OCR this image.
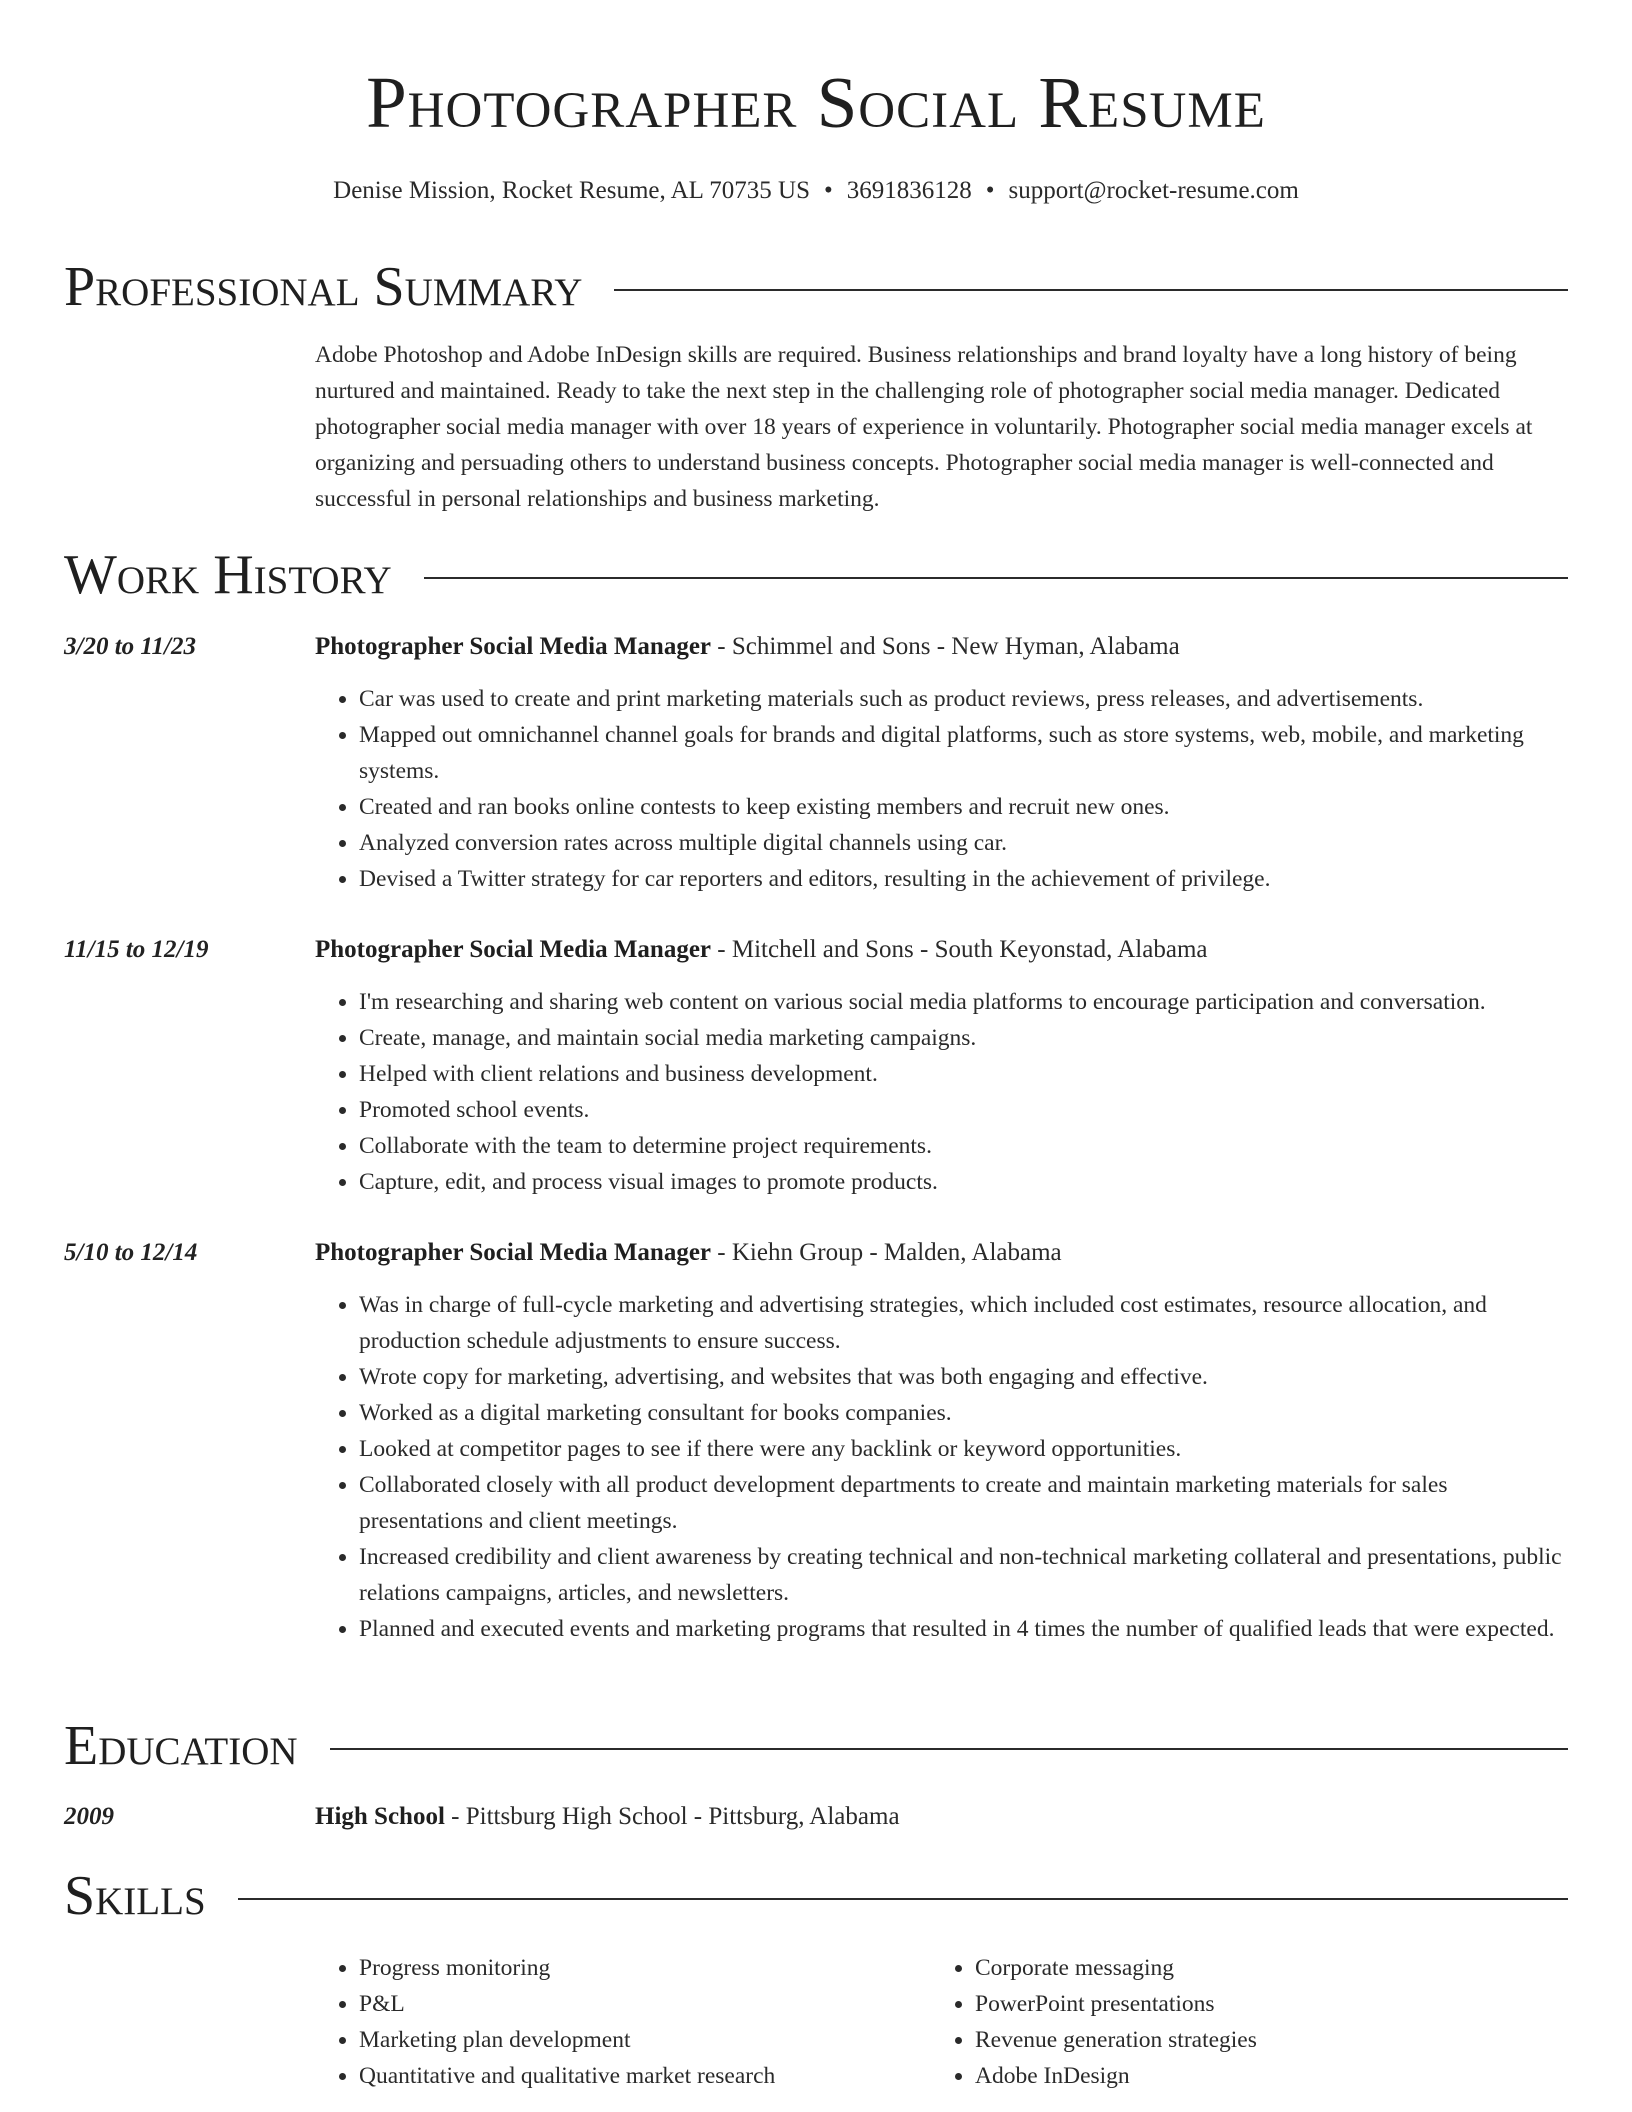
Photographer Social Resume
Denise Mission, Rocket Resume, AL 70735 US • 3691836128 • support@rocket-resume.com
Professional Summary

Adobe Photoshop and Adobe InDesign skills are required. Business relationships and brand loyalty have a long history of being nurtured and maintained. Ready to take the next step in the challenging role of photographer social media manager. Dedicated photographer social media manager with over 18 years of experience in voluntarily. Photographer social media manager excels at organizing and persuading others to understand business concepts. Photographer social media manager is well-connected and successful in personal relationships and business marketing.

Work History
3/20 to 11/23	Photographer Social Media Manager - Schimmel and Sons - New Hyman, Alabama
• Car was used to create and print marketing materials such as product reviews, press releases, and advertisements.
• Mapped out omnichannel channel goals for brands and digital platforms, such as store systems, web, mobile, and marketing systems.
• Created and ran books online contests to keep existing members and recruit new ones.
• Analyzed conversion rates across multiple digital channels using car.
• Devised a Twitter strategy for car reporters and editors, resulting in the achievement of privilege.
11/15 to 12/19	Photographer Social Media Manager - Mitchell and Sons - South Keyonstad, Alabama
• I'm researching and sharing web content on various social media platforms to encourage participation and conversation.
• Create, manage, and maintain social media marketing campaigns.
• Helped with client relations and business development.
• Promoted school events.
• Collaborate with the team to determine project requirements.
• Capture, edit, and process visual images to promote products.
5/10 to 12/14	Photographer Social Media Manager - Kiehn Group - Malden, Alabama
• Was in charge of full-cycle marketing and advertising strategies, which included cost estimates, resource allocation, and production schedule adjustments to ensure success.
• Wrote copy for marketing, advertising, and websites that was both engaging and effective.
• Worked as a digital marketing consultant for books companies.
• Looked at competitor pages to see if there were any backlink or keyword opportunities.
• Collaborated closely with all product development departments to create and maintain marketing materials for sales presentations and client meetings.
• Increased credibility and client awareness by creating technical and non-technical marketing collateral and presentations, public relations campaigns, articles, and newsletters.
• Planned and executed events and marketing programs that resulted in 4 times the number of qualified leads that were expected.
Education
2009	High School - Pittsburg High School - Pittsburg, Alabama
Skills
• Progress monitoring
• P&L
• Marketing plan development
• Quantitative and qualitative market research
• Corporate messaging
• PowerPoint presentations
• Revenue generation strategies
• Adobe InDesign
